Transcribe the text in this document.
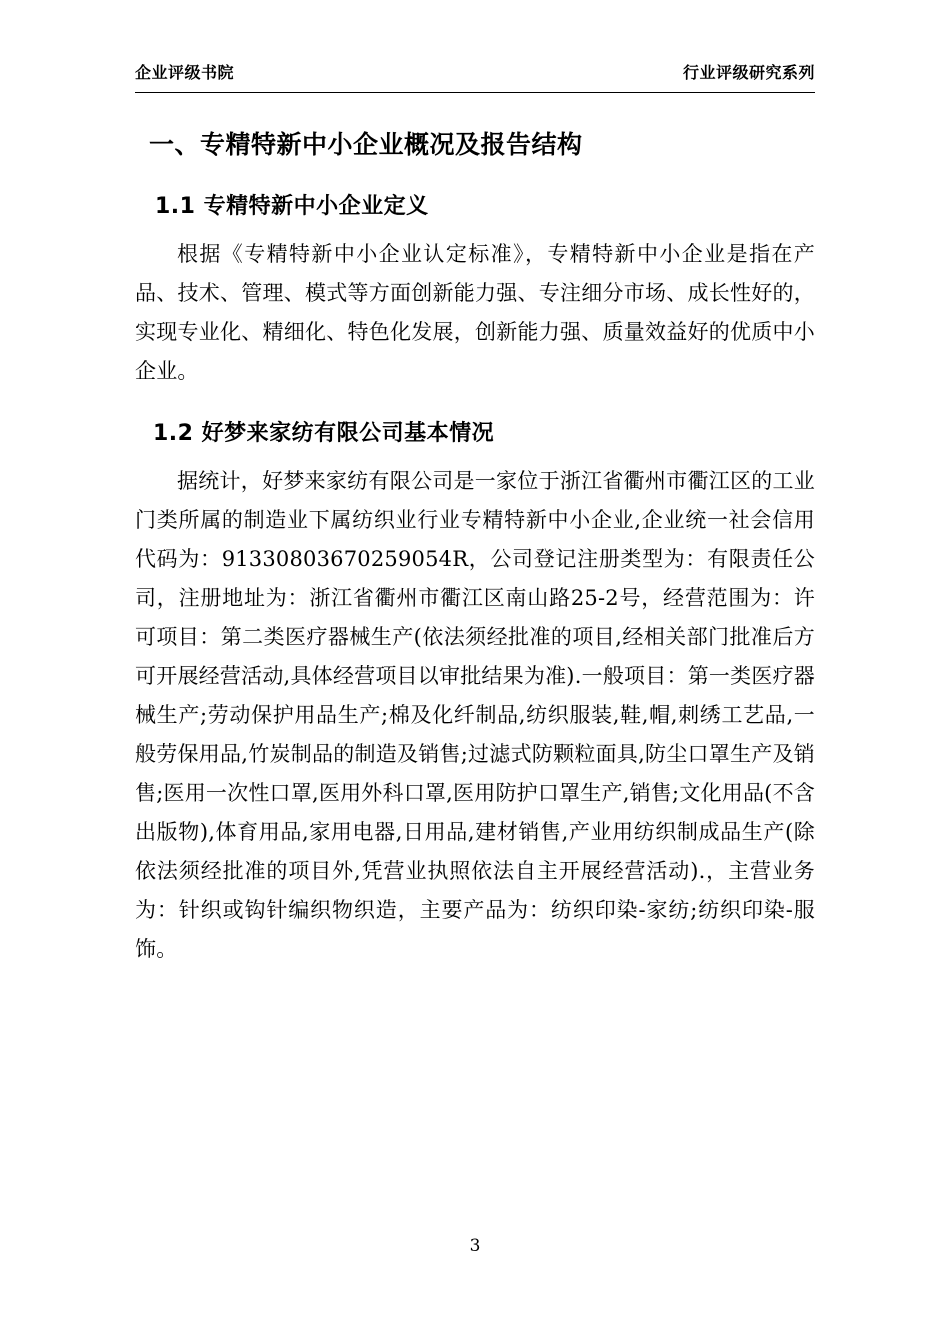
企业评级书院	行业评级研究系列
一、专精特新中小企业概况及报告结构
1.1 专精特新中小企业定义

根据《专精特新中小企业认定标准》，专精特新中小企业是指在产品、技术、管理、模式等方面创新能力强、专注细分市场、成长性好的，实现专业化、精细化、特色化发展，创新能力强、质量效益好的优质中小企业。

1.2 好梦来家纺有限公司基本情况

据统计，好梦来家纺有限公司是一家位于浙江省衢州市衢江区的工业门类所属的制造业下属纺织业行业专精特新中小企业,企业统一社会信用代码为：91330803670259054R，公司登记注册类型为：有限责任公司，注册地址为：浙江省衢州市衢江区南山路25-2号，经营范围为：许可项目：第二类医疗器械生产(依法须经批准的项目,经相关部门批准后方可开展经营活动,具体经营项目以审批结果为准).一般项目：第一类医疗器械生产;劳动保护用品生产;棉及化纤制品,纺织服装,鞋,帽,刺绣工艺品,一般劳保用品,竹炭制品的制造及销售;过滤式防颗粒面具,防尘口罩生产及销售;医用一次性口罩,医用外科口罩,医用防护口罩生产,销售;文化用品(不含出版物),体育用品,家用电器,日用品,建材销售,产业用纺织制成品生产(除依法须经批准的项目外,凭营业执照依法自主开展经营活动).，主营业务为：针织或钩针编织物织造，主要产品为：纺织印染-家纺;纺织印染-服饰。

3
